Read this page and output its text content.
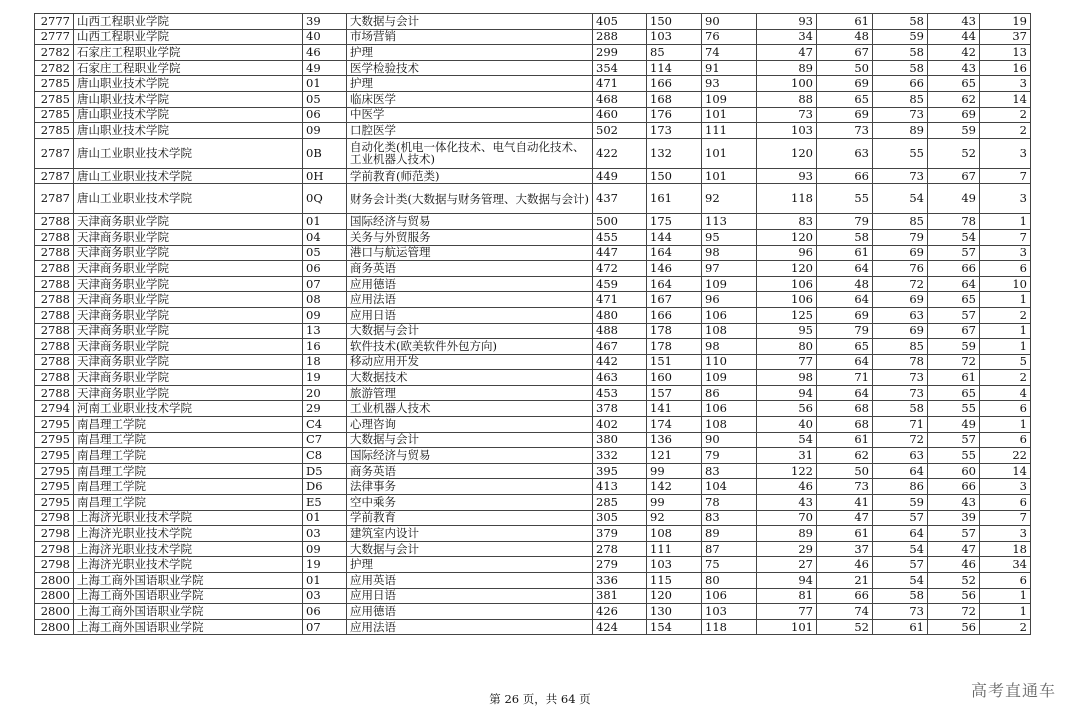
2777	山西工程职业学院	39	大数据与会计	405	150	90	93	61	58	43	19
2777	山西工程职业学院	40	市场营销	288	103	76	34	48	59	44	37
2782	石家庄工程职业学院	46	护理	299	85	74	47	67	58	42	13
2782	石家庄工程职业学院	49	医学检验技术	354	114	91	89	50	58	43	16
2785	唐山职业技术学院	01	护理	471	166	93	100	69	66	65	3
2785	唐山职业技术学院	05	临床医学	468	168	109	88	65	85	62	14
2785	唐山职业技术学院	06	中医学	460	176	101	73	69	73	69	2
2785	唐山职业技术学院	09	口腔医学	502	173	111	103	73	89	59	2
2787	唐山工业职业技术学院	0B	自动化类(机电一体化技术、电气自动化技术、工业机器人技术)	422	132	101	120	63	55	52	3
2787	唐山工业职业技术学院	0H	学前教育(师范类)	449	150	101	93	66	73	67	7
2787	唐山工业职业技术学院	0Q	财务会计类(大数据与财务管理、大数据与会计)	437	161	92	118	55	54	49	3
2788	天津商务职业学院	01	国际经济与贸易	500	175	113	83	79	85	78	1
2788	天津商务职业学院	04	关务与外贸服务	455	144	95	120	58	79	54	7
2788	天津商务职业学院	05	港口与航运管理	447	164	98	96	61	69	57	3
2788	天津商务职业学院	06	商务英语	472	146	97	120	64	76	66	6
2788	天津商务职业学院	07	应用德语	459	164	109	106	48	72	64	10
2788	天津商务职业学院	08	应用法语	471	167	96	106	64	69	65	1
2788	天津商务职业学院	09	应用日语	480	166	106	125	69	63	57	2
2788	天津商务职业学院	13	大数据与会计	488	178	108	95	79	69	67	1
2788	天津商务职业学院	16	软件技术(欧美软件外包方向)	467	178	98	80	65	85	59	1
2788	天津商务职业学院	18	移动应用开发	442	151	110	77	64	78	72	5
2788	天津商务职业学院	19	大数据技术	463	160	109	98	71	73	61	2
2788	天津商务职业学院	20	旅游管理	453	157	86	94	64	73	65	4
2794	河南工业职业技术学院	29	工业机器人技术	378	141	106	56	68	58	55	6
2795	南昌理工学院	C4	心理咨询	402	174	108	40	68	71	49	1
2795	南昌理工学院	C7	大数据与会计	380	136	90	54	61	72	57	6
2795	南昌理工学院	C8	国际经济与贸易	332	121	79	31	62	63	55	22
2795	南昌理工学院	D5	商务英语	395	99	83	122	50	64	60	14
2795	南昌理工学院	D6	法律事务	413	142	104	46	73	86	66	3
2795	南昌理工学院	E5	空中乘务	285	99	78	43	41	59	43	6
2798	上海济光职业技术学院	01	学前教育	305	92	83	70	47	57	39	7
2798	上海济光职业技术学院	03	建筑室内设计	379	108	89	89	61	64	57	3
2798	上海济光职业技术学院	09	大数据与会计	278	111	87	29	37	54	47	18
2798	上海济光职业技术学院	19	护理	279	103	75	27	46	57	46	34
2800	上海工商外国语职业学院	01	应用英语	336	115	80	94	21	54	52	6
2800	上海工商外国语职业学院	03	应用日语	381	120	106	81	66	58	56	1
2800	上海工商外国语职业学院	06	应用德语	426	130	103	77	74	73	72	1
2800	上海工商外国语职业学院	07	应用法语	424	154	118	101	52	61	56	2
第 26 页，共 64 页	高考直通车
